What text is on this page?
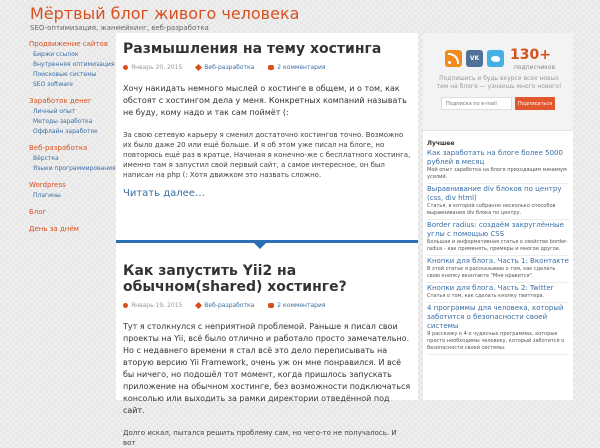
Мёртвый блог живого человека
SEO-оптимизация, жанмейкинг, веб-разработка
Продвижение сайтов
Биржи ссылок
Внутренняя оптимизация
Поисковые системы
SEO software
Заработок денег
Личный опыт
Методы заработка
Оффлайн заработок
Веб-разработка
Вёрстка
Языки программирования
Wordpress
Плагины
Блог
День за днём
Размышления на тему хостинга
Январь 20, 2015	Веб-разработка	2 комментария

Хочу накидать немного мыслей о хостинге в общем, и о том, как обстоят с хостингом дела у меня. Конкретных компаний называть не буду, кому надо и так сам поймёт (:

За свою сетевую карьеру я сменил достаточно хостингов точно. Возможно их было даже 20 или ещё больше. И я об этом уже писал на блоге, но повторюсь ещё раз в кратце. Начиная я конечно-же с бесплатного хостинга, именно там я запустил свой первый сайт, а самое интересное, он был написан на php (: Хотя движком это назвать сложно.

Читать далее…
Как запустить Yii2 на обычном(shared) хостинге?
Январь 19, 2015	Веб-разработка	2 комментария

Тут я столкнулся с неприятной проблемой. Раньше я писал свои проекты на Yii, всё было отлично и работало просто замечательно. Но с недавнего времени я стал всё это дело переписывать на вторую версию Yii Framework, очень уж он мне понравился. И всё бы ничего, но подошёл тот момент, когда пришлось запускать приложение на обычном хостинге, без возможности подключаться консолью или выходить за рамки директории отведённой под сайт.

Долго искал, пытался решить проблему сам, но чего-то не получалось. И вот

VK 130+
подписчиков
Подпишись и будь вкурсе всех новых тем на блоге — узнаешь много нового!
Подписка по e-mail
Подписаться
Лучшее
Как заработать на блоге более 5000 рублей в месяц
Мой опыт заработка на блоге приходящим минимум усилий.
Выравнивание div блоков по центру (css, div html)
Статья, в которой собранно несколько способов выравнивания div блока по центру.
Border radius: создаём закруглённые углы с помощью CSS
Большая и информативная статья о свойстве border-radius - как применять, примеры и многое другое.
Кнопки для блога. Часть 1: Вконтакте
В этой статье я рассказываю о том, как сделать свою кнопку вконтакте "Мне нравится".
Кнопки для блога. Часть 2: Twitter
Статья о том, как сделать кнопку твиттера.
4 программы для человека, который заботится о безопасности своей системы
Я расскажу о 4-х чудесных программах, которые просто необходимы человеку, который заботится о безопасности своей системы.
